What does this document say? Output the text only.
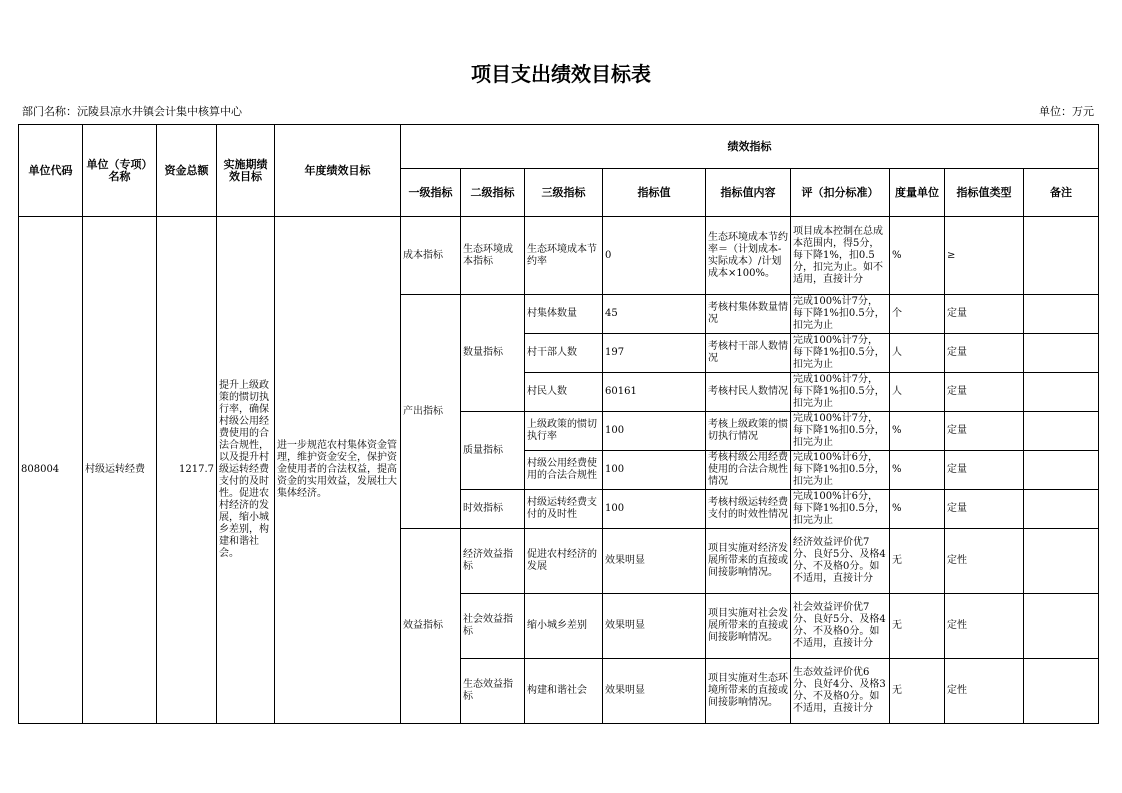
项目支出绩效目标表
部门名称：沅陵县凉水井镇会计集中核算中心	单位：万元
单位代码	单位（专项）名称	资金总额	实施期绩效目标	年度绩效目标	绩效指标								
					一级指标	二级指标	三级指标	指标值	指标值内容	评（扣分标准）	度量单位	指标值类型	备注
808004	村级运转经费	1217.7	提升上级政策的惯切执行率，确保村级公用经费使用的合法合规性，以及提升村级运转经费支付的及时性。促进农村经济的发展，缩小城乡差别，构建和谐社会。	进一步规范农村集体资金管理，维护资金安全，保护资金使用者的合法权益，提高资金的实用效益，发展壮大集体经济。	成本指标	生态环境成本指标	生态环境成本节约率	0	生态环境成本节约率＝（计划成本-实际成本）/计划成本×100%。	项目成本控制在总成本范围内，得5分，每下降1%，扣0.5分，扣完为止。如不适用，直接计分	%	≥	
					产出指标	数量指标	村集体数量	45	考核村集体数量情况	完成100%计7分，每下降1%扣0.5分，扣完为止	个	定量	
							村干部人数	197	考核村干部人数情况	完成100%计7分，每下降1%扣0.5分，扣完为止	人	定量	
							村民人数	60161	考核村民人数情况	完成100%计7分，每下降1%扣0.5分，扣完为止	人	定量	
						质量指标	上级政策的惯切执行率	100	考核上级政策的惯切执行情况	完成100%计7分，每下降1%扣0.5分，扣完为止	%	定量	
							村级公用经费使用的合法合规性	100	考核村级公用经费使用的合法合规性情况	完成100%计6分，每下降1%扣0.5分，扣完为止	%	定量	
						时效指标	村级运转经费支付的及时性	100	考核村级运转经费支付的时效性情况	完成100%计6分，每下降1%扣0.5分，扣完为止	%	定量	
					效益指标	经济效益指标	促进农村经济的发展	效果明显	项目实施对经济发展所带来的直接或间接影响情况。	经济效益评价优7分、良好5分、及格4分、不及格0分。如不适用，直接计分	无	定性	
						社会效益指标	缩小城乡差别	效果明显	项目实施对社会发展所带来的直接或间接影响情况。	社会效益评价优7分、良好5分、及格4分、不及格0分。如不适用，直接计分	无	定性	
						生态效益指标	构建和谐社会	效果明显	项目实施对生态环境所带来的直接或间接影响情况。	生态效益评价优6分、良好4分、及格3分、不及格0分。如不适用，直接计分	无	定性	
